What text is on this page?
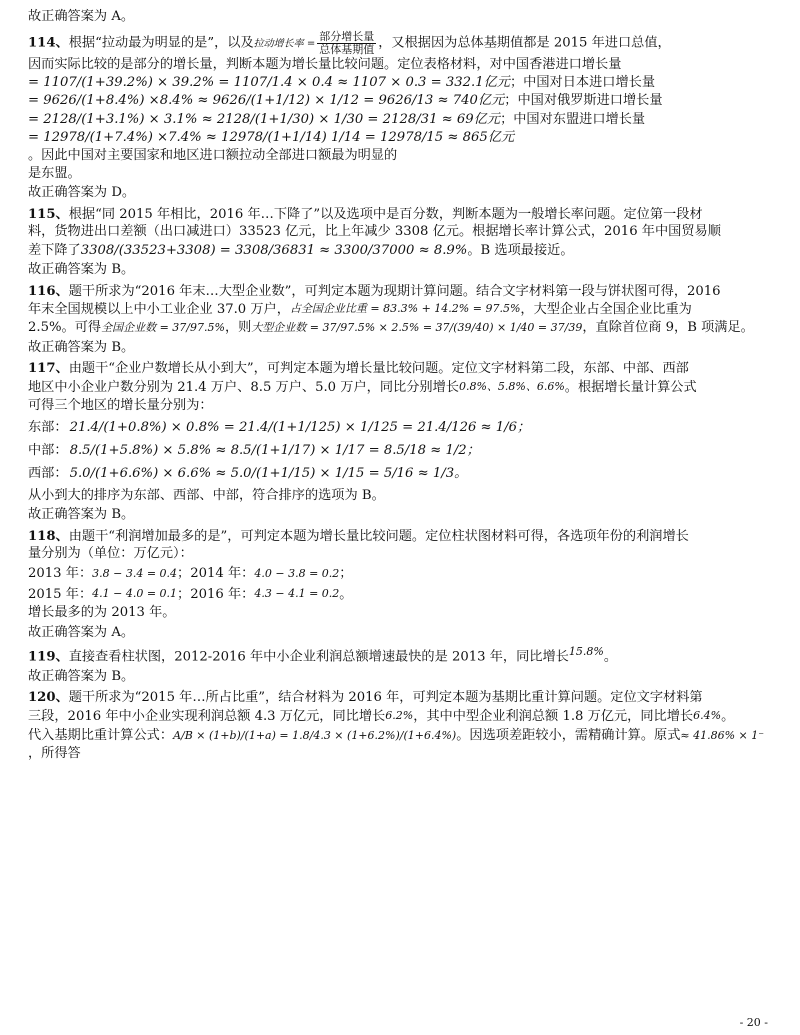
故正确答案为 A。

114、根据“拉动最为明显的是”，以及拉动增长率 = $\frac{\text{部分增长量}}{\text{总体基期值}}$ ，又根据因为总体基期值都是 2015 年进口总值，
因而实际比较的是部分的增长量，判断本题为增长量比较问题。定位表格材料，对中国香港进口增长量
= 1107/(1+39.2%) × 39.2% = 1107/1.4 × 0.4 ≈ 1107 × 0.3 = 332.1亿元 ；中国对日本进口增长量
= 9626/(1+8.4%) ×8.4% ≈ 9626/(1+1/12) × 1/12 = 9626/13 ≈ 740亿元 ；中国对俄罗斯进口增长量
= 2128/(1+3.1%) × 3.1% ≈ 2128/(1+1/30) × 1/30 = 2128/31 ≈ 69亿元 ；中国对东盟进口增长量
= 12978/(1+7.4%) ×7.4% ≈ 12978/(1+1/14) 1/14 = 12978/15 ≈ 865亿元
。因此中国对主要国家和地区进口额拉动全部进口额最为明显的
是东盟。
故正确答案为 D。
115、根据“同 2015 年相比，2016 年…下降了”以及选项中是百分数，判断本题为一般增长率问题。定位第一段材
料，货物进出口差额（出口减进口）33523 亿元，比上年减少 3308 亿元。根据增长率计算公式，2016 年中国贸易顺
差下降了 3308/(33523+3308) = 3308/36831 ≈ 3300/37000 ≈ 8.9% 。B 选项最接近。
故正确答案为 B。
116、题干所求为“2016 年末…大型企业数”，可判定本题为现期计算问题。结合文字材料第一段与饼状图可得，2016
年末全国规模以上中小工业企业 37.0 万户， 占全国企业比重 = 83.3% + 14.2% = 97.5% ，大型企业占全国企业比重为
2.5%。可得 全国企业数 = 37/97.5% ，则 大型企业数 = 37/97.5% × 2.5% = 37/(39/40) × 1/40 = 37/39 ，直除首位商 9，B 项满足。
故正确答案为 B。
117、由题干“企业户数增长从小到大”，可判定本题为增长量比较问题。定位文字材料第二段，东部、中部、西部
地区中小企业户数分别为 21.4 万户、8.5 万户、5.0 万户，同比分别增长 0.8%、5.8%、6.6% 。根据增长量计算公式
可得三个地区的增长量分别为：
东部： 21.4/(1+0.8%) × 0.8% = 21.4/(1+1/125) × 1/125 = 21.4/126 ≈ 1/6；
中部： 8.5/(1+5.8%) × 5.8% ≈ 8.5/(1+1/17) × 1/17 = 8.5/18 ≈ 1/2；
西部： 5.0/(1+6.6%) × 6.6% ≈ 5.0/(1+1/15) × 1/15 = 5/16 ≈ 1/3。
从小到大的排序为东部、西部、中部，符合排序的选项为 B。
故正确答案为 B。
118、由题干“利润增加最多的是”，可判定本题为增长量比较问题。定位柱状图材料可得，各选项年份的利润增长
量分别为（单位：万亿元）：
2013 年： 3.8 − 3.4 = 0.4 ；2014 年： 4.0 − 3.8 = 0.2 ；
2015 年： 4.1 − 4.0 = 0.1 ；2016 年： 4.3 − 4.1 = 0.2 。
增长最多的为 2013 年。
故正确答案为 A。
119、直接查看柱状图，2012-2016 年中小企业利润总额增速最快的是 2013 年，同比增长$^{15.8\%}$。
故正确答案为 B。
120、题干所求为“2015 年…所占比重”，结合材料为 2016 年，可判定本题为基期比重计算问题。定位文字材料第
三段，2016 年中小企业实现利润总额 4.3 万亿元，同比增长 6.2% ，其中中型企业利润总额 1.8 万亿元，同比增长 6.4% 。
代入基期比重计算公式： A/B × (1+b)/(1+a) = 1.8/4.3 × (1+6.2%)/(1+6.4%) 。因选项差距较小，需精确计算。原式 ≈ 41.86% × 1⁻
，所得答
- 20 -
